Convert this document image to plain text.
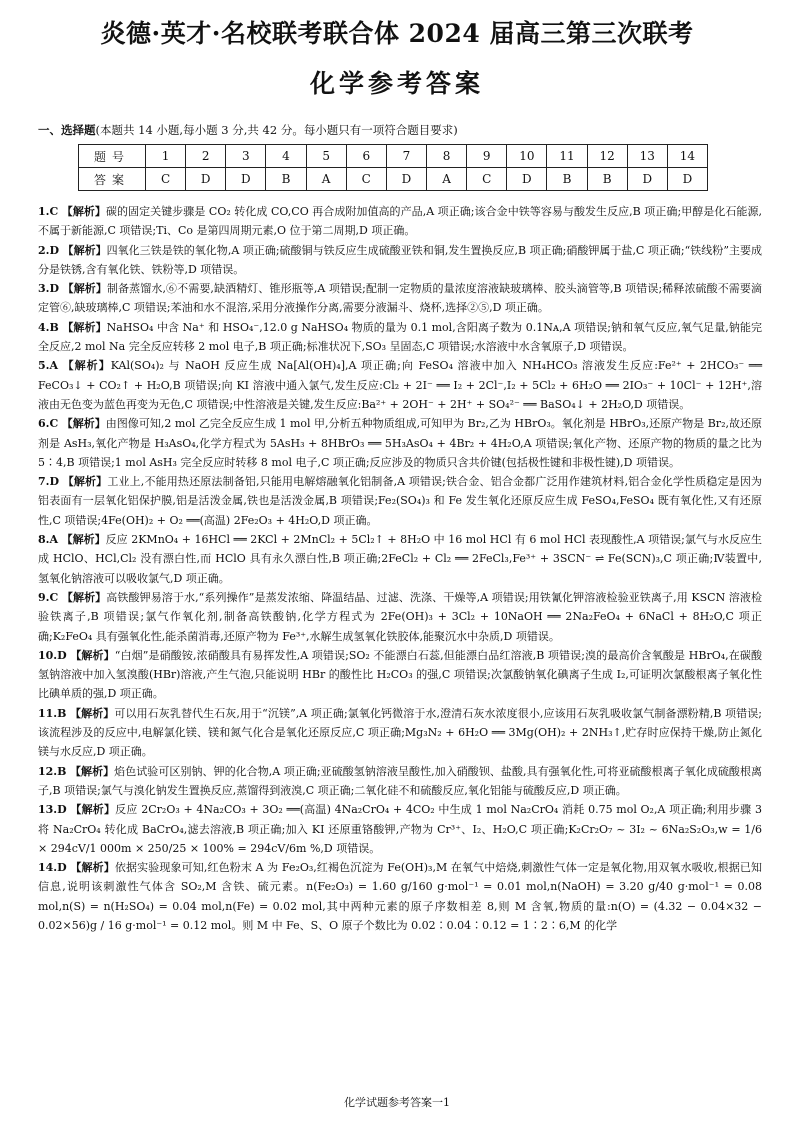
炎德·英才·名校联考联合体 2024 届高三第三次联考
化学参考答案
一、选择题(本题共 14 小题,每小题 3 分,共 42 分。每小题只有一项符合题目要求)
题号	1	2	3	4	5	6	7	8	9	10	11	12	13	14
答案	C	D	D	B	A	C	D	A	C	D	B	B	D	D

1.C 【解析】碳的固定关键步骤是 CO₂ 转化成 CO,CO 再合成附加值高的产品,A 项正确;该合金中铁等容易与酸发生反应,B 项正确;甲醇是化石能源,不属于新能源,C 项错误;Ti、Co 是第四周期元素,O 位于第二周期,D 项正确。

2.D 【解析】四氧化三铁是铁的氧化物,A 项正确;硫酸铜与铁反应生成硫酸亚铁和铜,发生置换反应,B 项正确;硝酸钾属于盐,C 项正确;“铁线粉”主要成分是铁锈,含有氧化铁、铁粉等,D 项错误。

3.D 【解析】制备蒸馏水,⑥不需要,缺酒精灯、锥形瓶等,A 项错误;配制一定物质的量浓度溶液缺玻璃棒、胶头滴管等,B 项错误;稀释浓硫酸不需要滴定管⑥,缺玻璃棒,C 项错误;苯油和水不混溶,采用分液操作分离,需要分液漏斗、烧杯,选择②⑤,D 项正确。

4.B 【解析】NaHSO₄ 中含 Na⁺ 和 HSO₄⁻,12.0 g NaHSO₄ 物质的量为 0.1 mol,含阳离子数为 0.1Nᴀ,A 项错误;钠和氧气反应,氧气足量,钠能完全反应,2 mol Na 完全反应转移 2 mol 电子,B 项正确;标准状况下,SO₃ 呈固态,C 项错误;水溶液中水含氧原子,D 项错误。

5.A 【解析】KAl(SO₄)₂ 与 NaOH 反应生成 Na[Al(OH)₄],A 项正确;向 FeSO₄ 溶液中加入 NH₄HCO₃ 溶液发生反应:Fe²⁺ + 2HCO₃⁻ ══ FeCO₃↓ + CO₂↑ + H₂O,B 项错误;向 KI 溶液中通入氯气,发生反应:Cl₂ + 2I⁻ ══ I₂ + 2Cl⁻,I₂ + 5Cl₂ + 6H₂O ══ 2IO₃⁻ + 10Cl⁻ + 12H⁺,溶液由无色变为蓝色再变为无色,C 项错误;中性溶液是关键,发生反应:Ba²⁺ + 2OH⁻ + 2H⁺ + SO₄²⁻ ══ BaSO₄↓ + 2H₂O,D 项错误。

6.C 【解析】由图像可知,2 mol 乙完全反应生成 1 mol 甲,分析五种物质组成,可知甲为 Br₂,乙为 HBrO₃。氧化剂是 HBrO₃,还原产物是 Br₂,故还原剂是 AsH₃,氧化产物是 H₃AsO₄,化学方程式为 5AsH₃ + 8HBrO₃ ══ 5H₃AsO₄ + 4Br₂ + 4H₂O,A 项错误;氧化产物、还原产物的物质的量之比为 5∶4,B 项错误;1 mol AsH₃ 完全反应时转移 8 mol 电子,C 项正确;反应涉及的物质只含共价键(包括极性键和非极性键),D 项错误。

7.D 【解析】工业上,不能用热还原法制备铝,只能用电解熔融氧化铝制备,A 项错误;铁合金、铝合金都广泛用作建筑材料,铝合金化学性质稳定是因为铝表面有一层氧化铝保护膜,铝是活泼金属,铁也是活泼金属,B 项错误;Fe₂(SO₄)₃ 和 Fe 发生氧化还原反应生成 FeSO₄,FeSO₄ 既有氧化性,又有还原性,C 项错误;4Fe(OH)₂ + O₂ ══(高温) 2Fe₂O₃ + 4H₂O,D 项正确。

8.A 【解析】反应 2KMnO₄ + 16HCl ══ 2KCl + 2MnCl₂ + 5Cl₂↑ + 8H₂O 中 16 mol HCl 有 6 mol HCl 表现酸性,A 项错误;氯气与水反应生成 HClO、HCl,Cl₂ 没有漂白性,而 HClO 具有永久漂白性,B 项正确;2FeCl₂ + Cl₂ ══ 2FeCl₃,Fe³⁺ + 3SCN⁻ ⇌ Fe(SCN)₃,C 项正确;Ⅳ装置中,氢氧化钠溶液可以吸收氯气,D 项正确。

9.C 【解析】高铁酸钾易溶于水,“系列操作”是蒸发浓缩、降温结晶、过滤、洗涤、干燥等,A 项错误;用铁氰化钾溶液检验亚铁离子,用 KSCN 溶液检验铁离子,B 项错误;氯气作氧化剂,制备高铁酸钠,化学方程式为 2Fe(OH)₃ + 3Cl₂ + 10NaOH ══ 2Na₂FeO₄ + 6NaCl + 8H₂O,C 项正确;K₂FeO₄ 具有强氧化性,能杀菌消毒,还原产物为 Fe³⁺,水解生成氢氧化铁胶体,能聚沉水中杂质,D 项错误。

10.D 【解析】“白烟”是硝酸铵,浓硝酸具有易挥发性,A 项错误;SO₂ 不能漂白石蕊,但能漂白品红溶液,B 项错误;溴的最高价含氧酸是 HBrO₄,在碳酸氢钠溶液中加入氢溴酸(HBr)溶液,产生气泡,只能说明 HBr 的酸性比 H₂CO₃ 的强,C 项错误;次氯酸钠氧化碘离子生成 I₂,可证明次氯酸根离子氧化性比碘单质的强,D 项正确。

11.B 【解析】可以用石灰乳替代生石灰,用于“沉镁”,A 项正确;氯氧化钙微溶于水,澄清石灰水浓度很小,应该用石灰乳吸收氯气制备漂粉精,B 项错误;该流程涉及的反应中,电解氯化镁、镁和氮气化合是氧化还原反应,C 项正确;Mg₃N₂ + 6H₂O ══ 3Mg(OH)₂ + 2NH₃↑,贮存时应保持干燥,防止氮化镁与水反应,D 项正确。

12.B 【解析】焰色试验可区别钠、钾的化合物,A 项正确;亚硫酸氢钠溶液呈酸性,加入硝酸钡、盐酸,具有强氧化性,可将亚硫酸根离子氧化成硫酸根离子,B 项错误;氯气与溴化钠发生置换反应,蒸馏得到液溴,C 项正确;二氧化硅不和硫酸反应,氧化铝能与硫酸反应,D 项正确。

13.D 【解析】反应 2Cr₂O₃ + 4Na₂CO₃ + 3O₂ ══(高温) 4Na₂CrO₄ + 4CO₂ 中生成 1 mol Na₂CrO₄ 消耗 0.75 mol O₂,A 项正确;利用步骤 3 将 Na₂CrO₄ 转化成 BaCrO₄,滤去溶液,B 项正确;加入 KI 还原重铬酸钾,产物为 Cr³⁺、I₂、H₂O,C 项正确;K₂Cr₂O₇ ~ 3I₂ ~ 6Na₂S₂O₃,w = 1/6 × 294cV/1 000m × 250/25 × 100% = 294cV/6m %,D 项错误。

14.D 【解析】依据实验现象可知,红色粉末 A 为 Fe₂O₃,红褐色沉淀为 Fe(OH)₃,M 在氧气中焙烧,刺激性气体一定是氧化物,用双氧水吸收,根据已知信息,说明该刺激性气体含 SO₂,M 含铁、硫元素。n(Fe₂O₃) = 1.60 g/160 g·mol⁻¹ = 0.01 mol,n(NaOH) = 3.20 g/40 g·mol⁻¹ = 0.08 mol,n(S) = n(H₂SO₄) = 0.04 mol,n(Fe) = 0.02 mol,其中两种元素的原子序数相差 8,则 M 含氧,物质的量:n(O) = (4.32 − 0.04×32 − 0.02×56)g / 16 g·mol⁻¹ = 0.12 mol。则 M 中 Fe、S、O 原子个数比为 0.02∶0.04∶0.12 = 1∶2∶6,M 的化学

化学试题参考答案一1
